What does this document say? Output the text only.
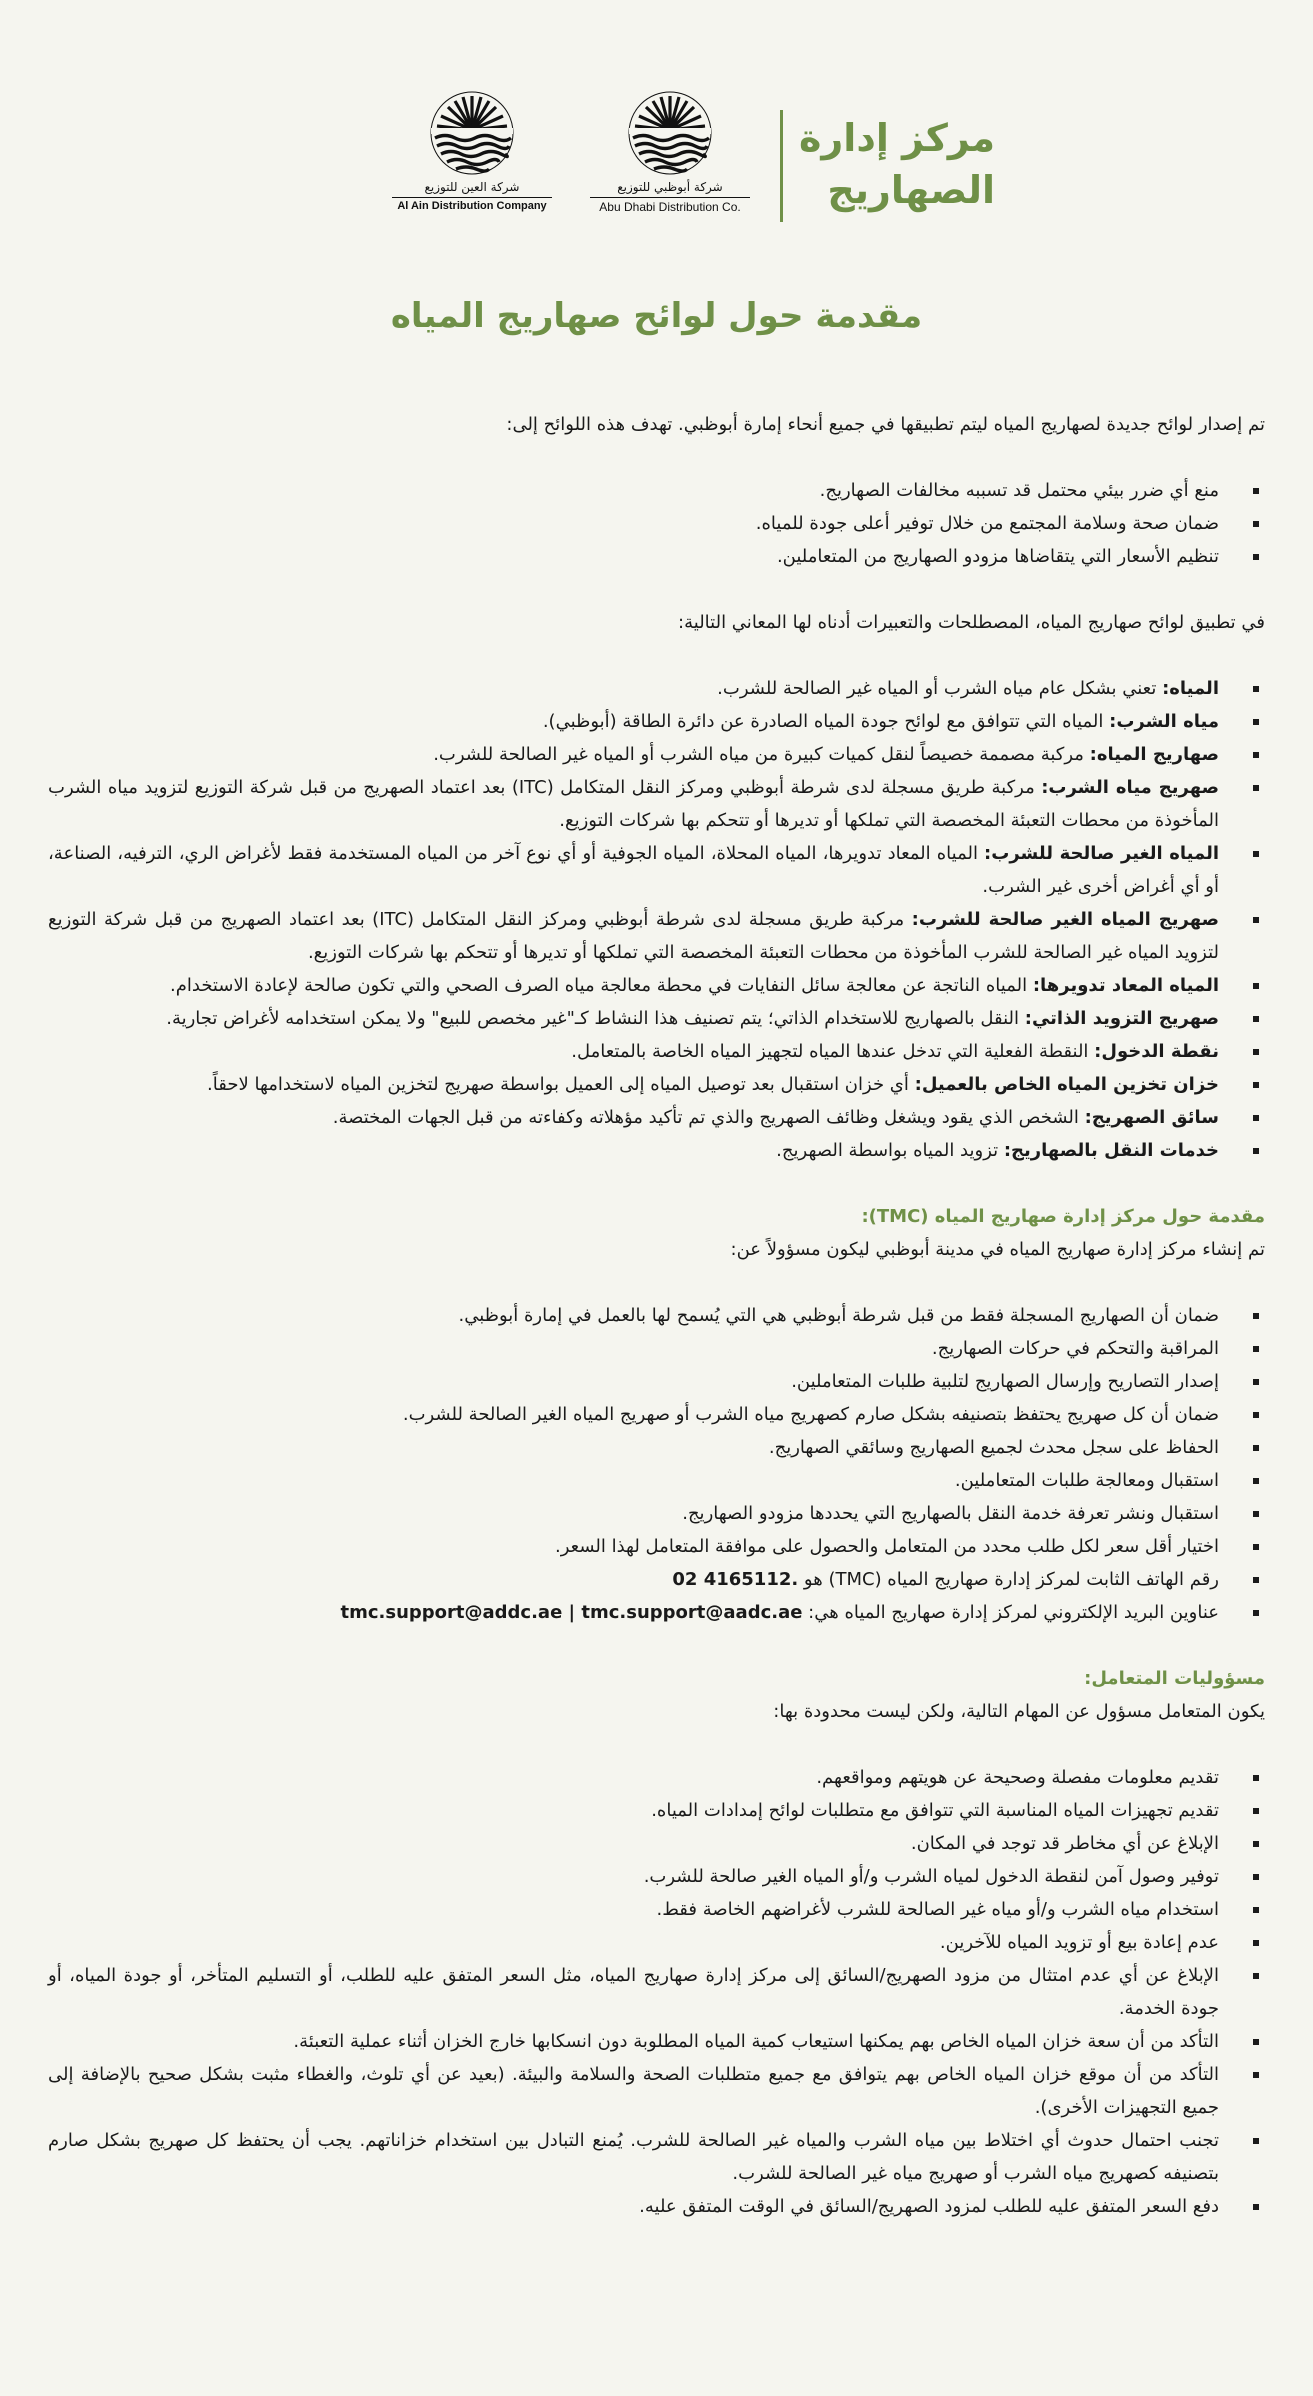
مركز إدارة
الصهاريج
شركة أبوظبي للتوزيع
Abu Dhabi Distribution Co.
شركة العين للتوزيع
Al Ain Distribution Company
مقدمة حول لوائح صهاريج المياه

تم إصدار لوائح جديدة لصهاريج المياه ليتم تطبيقها في جميع أنحاء إمارة أبوظبي. تهدف هذه اللوائح إلى:

منع أي ضرر بيئي محتمل قد تسببه مخالفات الصهاريج.
ضمان صحة وسلامة المجتمع من خلال توفير أعلى جودة للمياه.
تنظيم الأسعار التي يتقاضاها مزودو الصهاريج من المتعاملين.

في تطبيق لوائح صهاريج المياه، المصطلحات والتعبيرات أدناه لها المعاني التالية:

المياه: تعني بشكل عام مياه الشرب أو المياه غير الصالحة للشرب.
مياه الشرب: المياه التي تتوافق مع لوائح جودة المياه الصادرة عن دائرة الطاقة (أبوظبي).
صهاريج المياه: مركبة مصممة خصيصاً لنقل كميات كبيرة من مياه الشرب أو المياه غير الصالحة للشرب.
صهريج مياه الشرب: مركبة طريق مسجلة لدى شرطة أبوظبي ومركز النقل المتكامل (ITC) بعد اعتماد الصهريج من قبل شركة التوزيع لتزويد مياه الشرب المأخوذة من محطات التعبئة المخصصة التي تملكها أو تديرها أو تتحكم بها شركات التوزيع.
المياه الغير صالحة للشرب: المياه المعاد تدويرها، المياه المحلاة، المياه الجوفية أو أي نوع آخر من المياه المستخدمة فقط لأغراض الري، الترفيه، الصناعة، أو أي أغراض أخرى غير الشرب.
صهريج المياه الغير صالحة للشرب: مركبة طريق مسجلة لدى شرطة أبوظبي ومركز النقل المتكامل (ITC) بعد اعتماد الصهريج من قبل شركة التوزيع لتزويد المياه غير الصالحة للشرب المأخوذة من محطات التعبئة المخصصة التي تملكها أو تديرها أو تتحكم بها شركات التوزيع.
المياه المعاد تدويرها: المياه الناتجة عن معالجة سائل النفايات في محطة معالجة مياه الصرف الصحي والتي تكون صالحة لإعادة الاستخدام.
صهريج التزويد الذاتي: النقل بالصهاريج للاستخدام الذاتي؛ يتم تصنيف هذا النشاط كـ"غير مخصص للبيع" ولا يمكن استخدامه لأغراض تجارية.
نقطة الدخول: النقطة الفعلية التي تدخل عندها المياه لتجهيز المياه الخاصة بالمتعامل.
خزان تخزين المياه الخاص بالعميل: أي خزان استقبال بعد توصيل المياه إلى العميل بواسطة صهريج لتخزين المياه لاستخدامها لاحقاً.
سائق الصهريج: الشخص الذي يقود ويشغل وظائف الصهريج والذي تم تأكيد مؤهلاته وكفاءته من قبل الجهات المختصة.
خدمات النقل بالصهاريج: تزويد المياه بواسطة الصهريج.

مقدمة حول مركز إدارة صهاريج المياه (TMC):

تم إنشاء مركز إدارة صهاريج المياه في مدينة أبوظبي ليكون مسؤولاً عن:

ضمان أن الصهاريج المسجلة فقط من قبل شرطة أبوظبي هي التي يُسمح لها بالعمل في إمارة أبوظبي.
المراقبة والتحكم في حركات الصهاريج.
إصدار التصاريح وإرسال الصهاريج لتلبية طلبات المتعاملين.
ضمان أن كل صهريج يحتفظ بتصنيفه بشكل صارم كصهريج مياه الشرب أو صهريج المياه الغير الصالحة للشرب.
الحفاظ على سجل محدث لجميع الصهاريج وسائقي الصهاريج.
استقبال ومعالجة طلبات المتعاملين.
استقبال ونشر تعرفة خدمة النقل بالصهاريج التي يحددها مزودو الصهاريج.
اختيار أقل سعر لكل طلب محدد من المتعامل والحصول على موافقة المتعامل لهذا السعر.
رقم الهاتف الثابت لمركز إدارة صهاريج المياه (TMC) هو 02 4165112.
عناوين البريد الإلكتروني لمركز إدارة صهاريج المياه هي: tmc.support@addc.ae | tmc.support@aadc.ae

مسؤوليات المتعامل:

يكون المتعامل مسؤول عن المهام التالية، ولكن ليست محدودة بها:

تقديم معلومات مفصلة وصحيحة عن هويتهم ومواقعهم.
تقديم تجهيزات المياه المناسبة التي تتوافق مع متطلبات لوائح إمدادات المياه.
الإبلاغ عن أي مخاطر قد توجد في المكان.
توفير وصول آمن لنقطة الدخول لمياه الشرب و/أو المياه الغير صالحة للشرب.
استخدام مياه الشرب و/أو مياه غير الصالحة للشرب لأغراضهم الخاصة فقط.
عدم إعادة بيع أو تزويد المياه للآخرين.
الإبلاغ عن أي عدم امتثال من مزود الصهريج/السائق إلى مركز إدارة صهاريج المياه، مثل السعر المتفق عليه للطلب، أو التسليم المتأخر، أو جودة المياه، أو جودة الخدمة.
التأكد من أن سعة خزان المياه الخاص بهم يمكنها استيعاب كمية المياه المطلوبة دون انسكابها خارج الخزان أثناء عملية التعبئة.
التأكد من أن موقع خزان المياه الخاص بهم يتوافق مع جميع متطلبات الصحة والسلامة والبيئة. (بعيد عن أي تلوث، والغطاء مثبت بشكل صحيح بالإضافة إلى جميع التجهيزات الأخرى).
تجنب احتمال حدوث أي اختلاط بين مياه الشرب والمياه غير الصالحة للشرب. يُمنع التبادل بين استخدام خزاناتهم. يجب أن يحتفظ كل صهريج بشكل صارم بتصنيفه كصهريج مياه الشرب أو صهريج مياه غير الصالحة للشرب.
دفع السعر المتفق عليه للطلب لمزود الصهريج/السائق في الوقت المتفق عليه.
